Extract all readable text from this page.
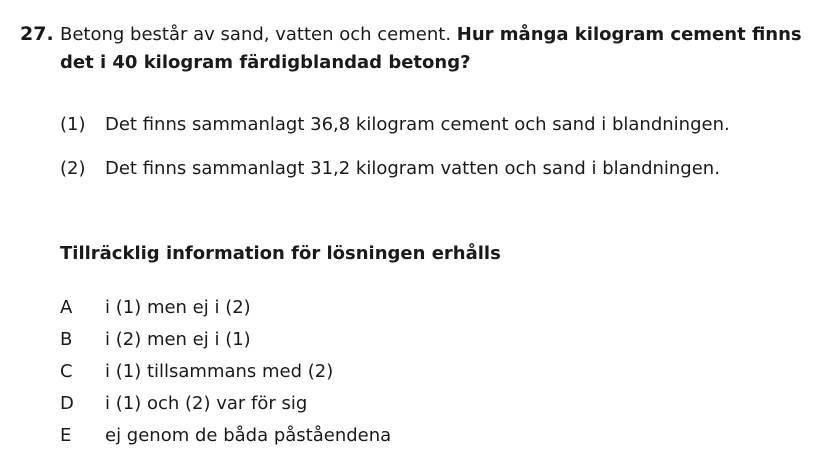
27. Betong består av sand, vatten och cement. Hur många kilogram cement finns det i 40 kilogram färdigblandad betong?
(1) Det finns sammanlagt 36,8 kilogram cement och sand i blandningen.
(2) Det finns sammanlagt 31,2 kilogram vatten och sand i blandningen.
Tillräcklig information för lösningen erhålls
A i (1) men ej i (2)
B i (2) men ej i (1)
C i (1) tillsammans med (2)
D i (1) och (2) var för sig
E ej genom de båda påståendena
